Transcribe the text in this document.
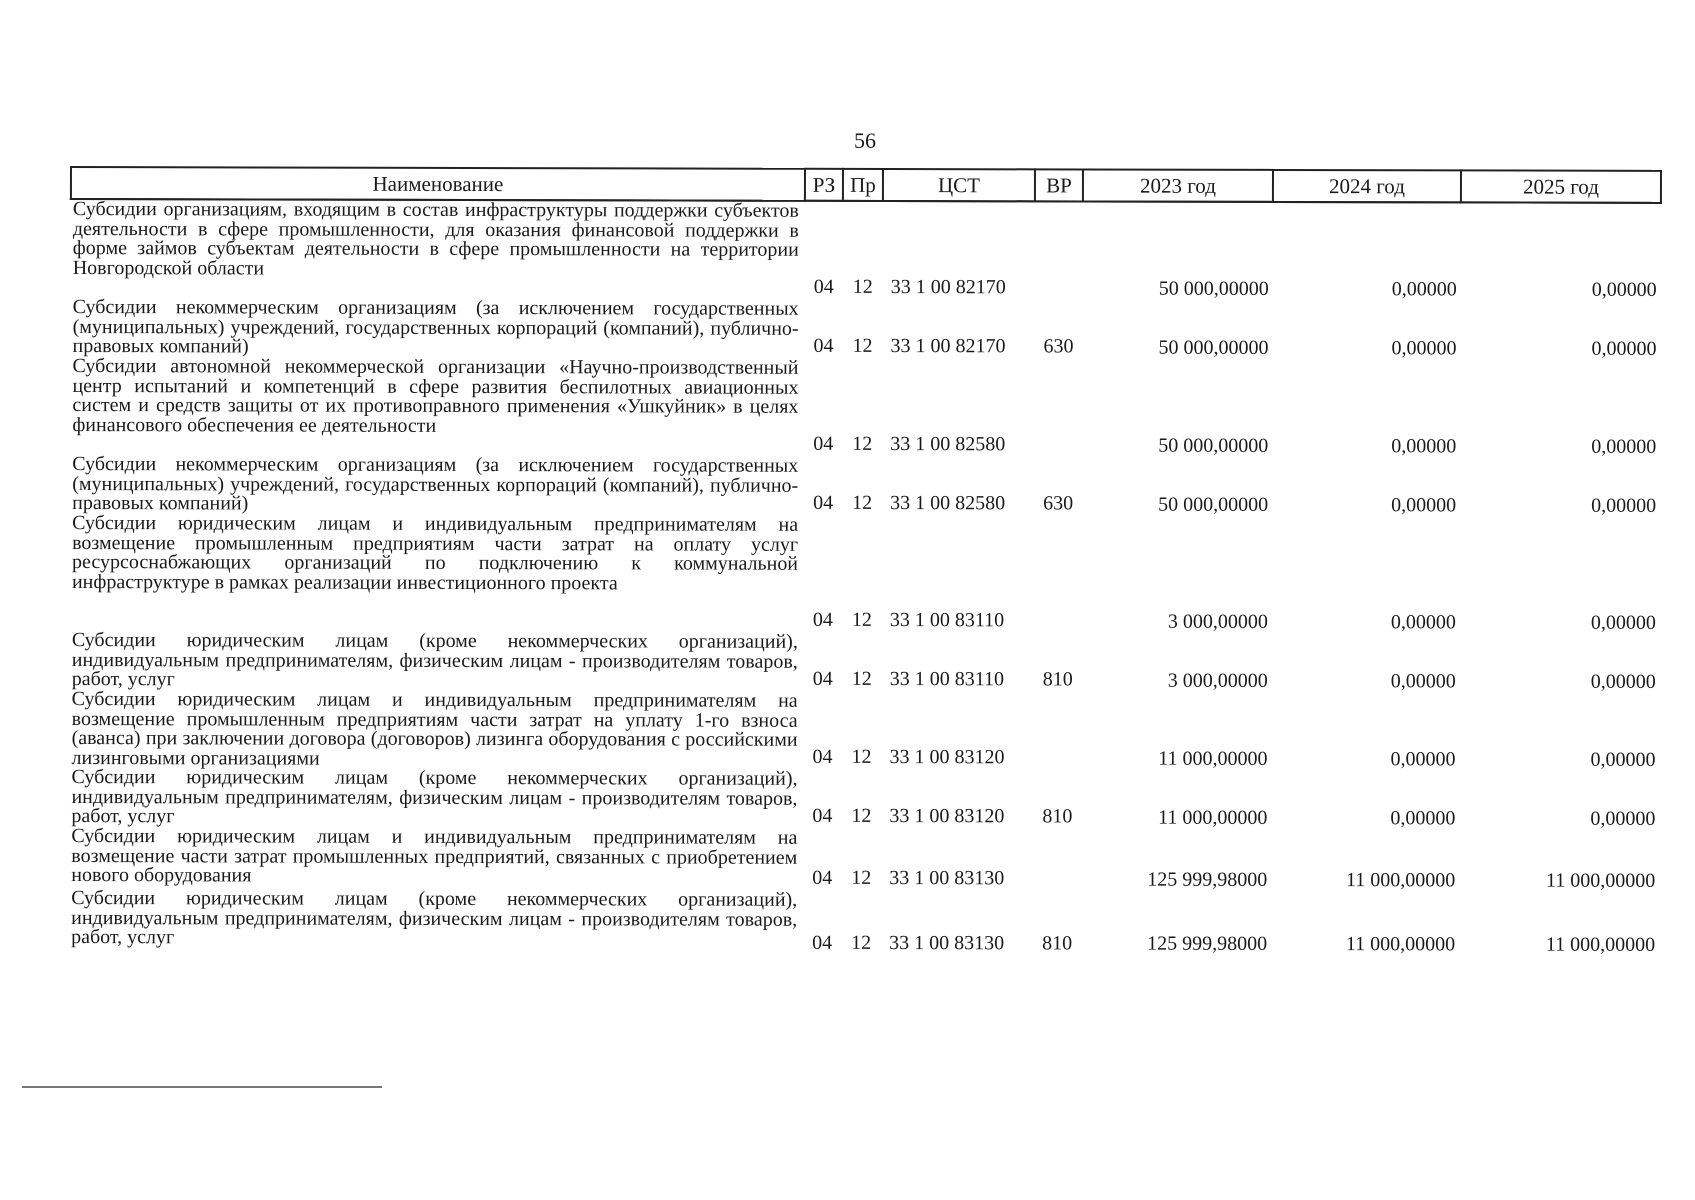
56
Наименование	РЗ	Пр	ЦСТ	ВР	2023 год	2024 год	2025 год

Субсидии организациям, входящим в состав инфраструктуры поддержки субъектов деятельности в сфере промышленности, для оказания финансовой поддержки в форме займов субъектам деятельности в сфере промышленности на территории Новгородской области	04	12	33 1 00 82170		50 000,00000	0,00000	0,00000

Субсидии некоммерческим организациям (за исключением государственных (муниципальных) учреждений, государственных корпораций (компаний), публично-правовых компаний)	04	12	33 1 00 82170	630	50 000,00000	0,00000	0,00000

Субсидии автономной некоммерческой организации «Научно-производственный центр испытаний и компетенций в сфере развития беспилотных авиационных систем и средств защиты от их противоправного применения «Ушкуйник» в целях финансового обеспечения ее деятельности	04	12	33 1 00 82580		50 000,00000	0,00000	0,00000

Субсидии некоммерческим организациям (за исключением государственных (муниципальных) учреждений, государственных корпораций (компаний), публично-правовых компаний)	04	12	33 1 00 82580	630	50 000,00000	0,00000	0,00000

Субсидии юридическим лицам и индивидуальным предпринимателям на возмещение промышленным предприятиям части затрат на оплату услуг ресурсоснабжающих организаций по подключению к коммунальной инфраструктуре в рамках реализации инвестиционного проекта	04	12	33 1 00 83110		3 000,00000	0,00000	0,00000

Субсидии юридическим лицам (кроме некоммерческих организаций), индивидуальным предпринимателям, физическим лицам - производителям товаров, работ, услуг	04	12	33 1 00 83110	810	3 000,00000	0,00000	0,00000

Субсидии юридическим лицам и индивидуальным предпринимателям на возмещение промышленным предприятиям части затрат на уплату 1-го взноса (аванса) при заключении договора (договоров) лизинга оборудования с российскими лизинговыми организациями	04	12	33 1 00 83120		11 000,00000	0,00000	0,00000

Субсидии юридическим лицам (кроме некоммерческих организаций), индивидуальным предпринимателям, физическим лицам - производителям товаров, работ, услуг	04	12	33 1 00 83120	810	11 000,00000	0,00000	0,00000

Субсидии юридическим лицам и индивидуальным предпринимателям на возмещение части затрат промышленных предприятий, связанных с приобретением нового оборудования	04	12	33 1 00 83130		125 999,98000	11 000,00000	11 000,00000

Субсидии юридическим лицам (кроме некоммерческих организаций), индивидуальным предпринимателям, физическим лицам - производителям товаров, работ, услуг	04	12	33 1 00 83130	810	125 999,98000	11 000,00000	11 000,00000
